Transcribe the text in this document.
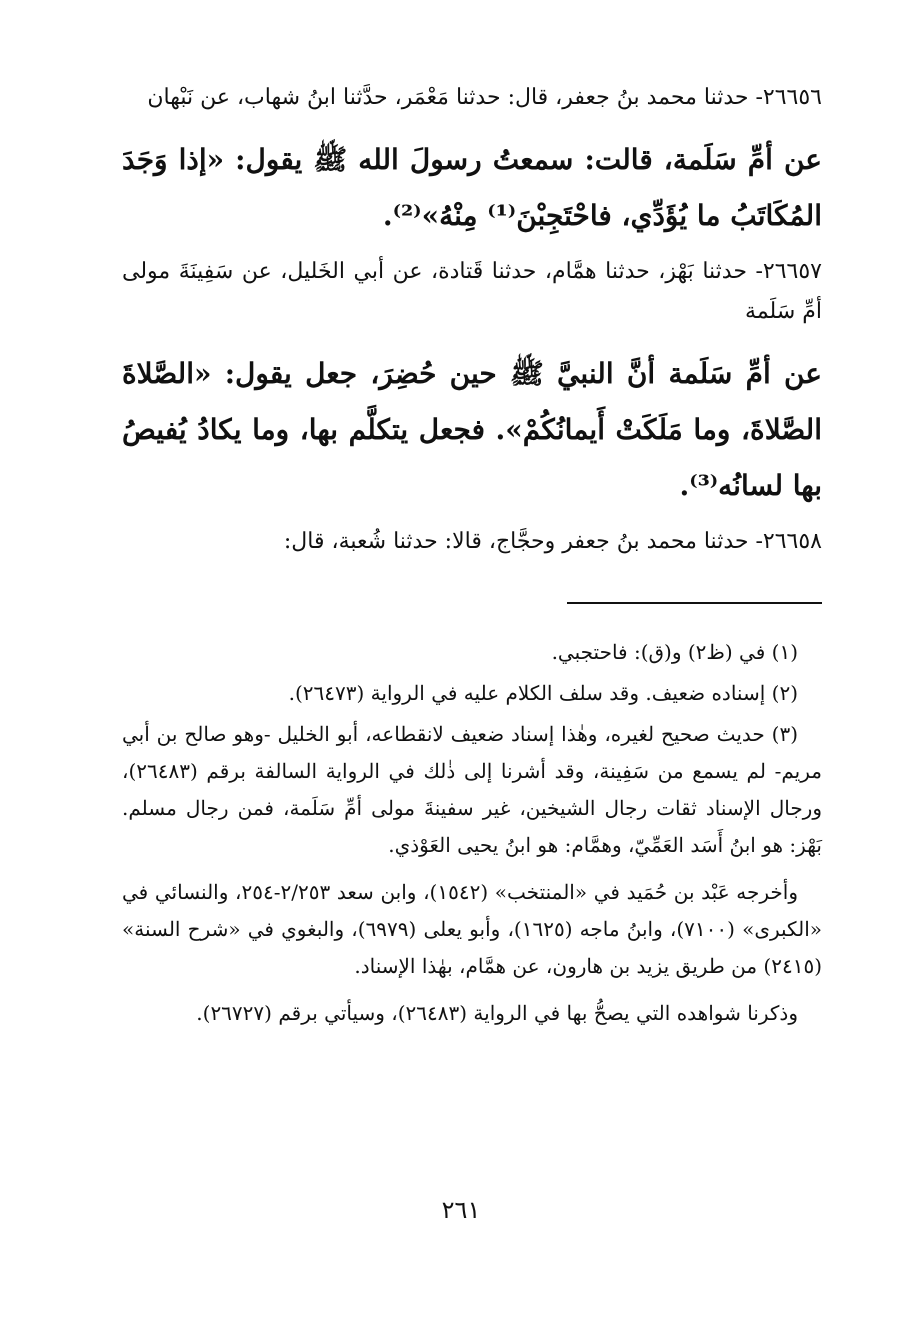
٢٦٦٥٦- حدثنا محمد بنُ جعفر، قال: حدثنا مَعْمَر، حدَّثنا ابنُ شهاب، عن نَبْهان

عن أمِّ سَلَمة، قالت: سمعتُ رسولَ الله ﷺ يقول: «إذا وَجَدَ المُكَاتَبُ ما يُؤَدِّي، فاحْتَجِبْنَ⁽¹⁾ مِنْهُ»⁽²⁾.

٢٦٦٥٧- حدثنا بَهْز، حدثنا همَّام، حدثنا قَتادة، عن أبي الخَليل، عن سَفِينَةَ مولى أمِّ سَلَمة

عن أمِّ سَلَمة أنَّ النبيَّ ﷺ حين حُضِرَ، جعل يقول: «الصَّلاةَ الصَّلاةَ، وما مَلَكَتْ أَيمانُكُمْ». فجعل يتكلَّم بها، وما يكادُ يُفيصُ بها لسانُه⁽³⁾.

٢٦٦٥٨- حدثنا محمد بنُ جعفر وحجَّاج، قالا: حدثنا شُعبة، قال:

(١) في (ظ٢) و(ق): فاحتجبي.

(٢) إسناده ضعيف. وقد سلف الكلام عليه في الرواية (٢٦٤٧٣).

(٣) حديث صحيح لغيره، وهٰذا إسناد ضعيف لانقطاعه، أبو الخليل -وهو صالح بن أبي مريم- لم يسمع من سَفِينة، وقد أشرنا إلى ذٰلك في الرواية السالفة برقم (٢٦٤٨٣)، ورجال الإسناد ثقات رجال الشيخين، غير سفينةَ مولى أمِّ سَلَمة، فمن رجال مسلم. بَهْز: هو ابنُ أَسَد العَمِّيّ، وهمَّام: هو ابنُ يحيى العَوْذي.

وأخرجه عَبْد بن حُمَيد في «المنتخب» (١٥٤٢)، وابن سعد ٢/٢٥٣-٢٥٤، والنسائي في «الكبرى» (٧١٠٠)، وابنُ ماجه (١٦٢٥)، وأبو يعلى (٦٩٧٩)، والبغوي في «شرح السنة» (٢٤١٥) من طريق يزيد بن هارون، عن همَّام، بهٰذا الإسناد.

وذكرنا شواهده التي يصحُّ بها في الرواية (٢٦٤٨٣)، وسيأتي برقم (٢٦٧٢٧).

٢٦١
